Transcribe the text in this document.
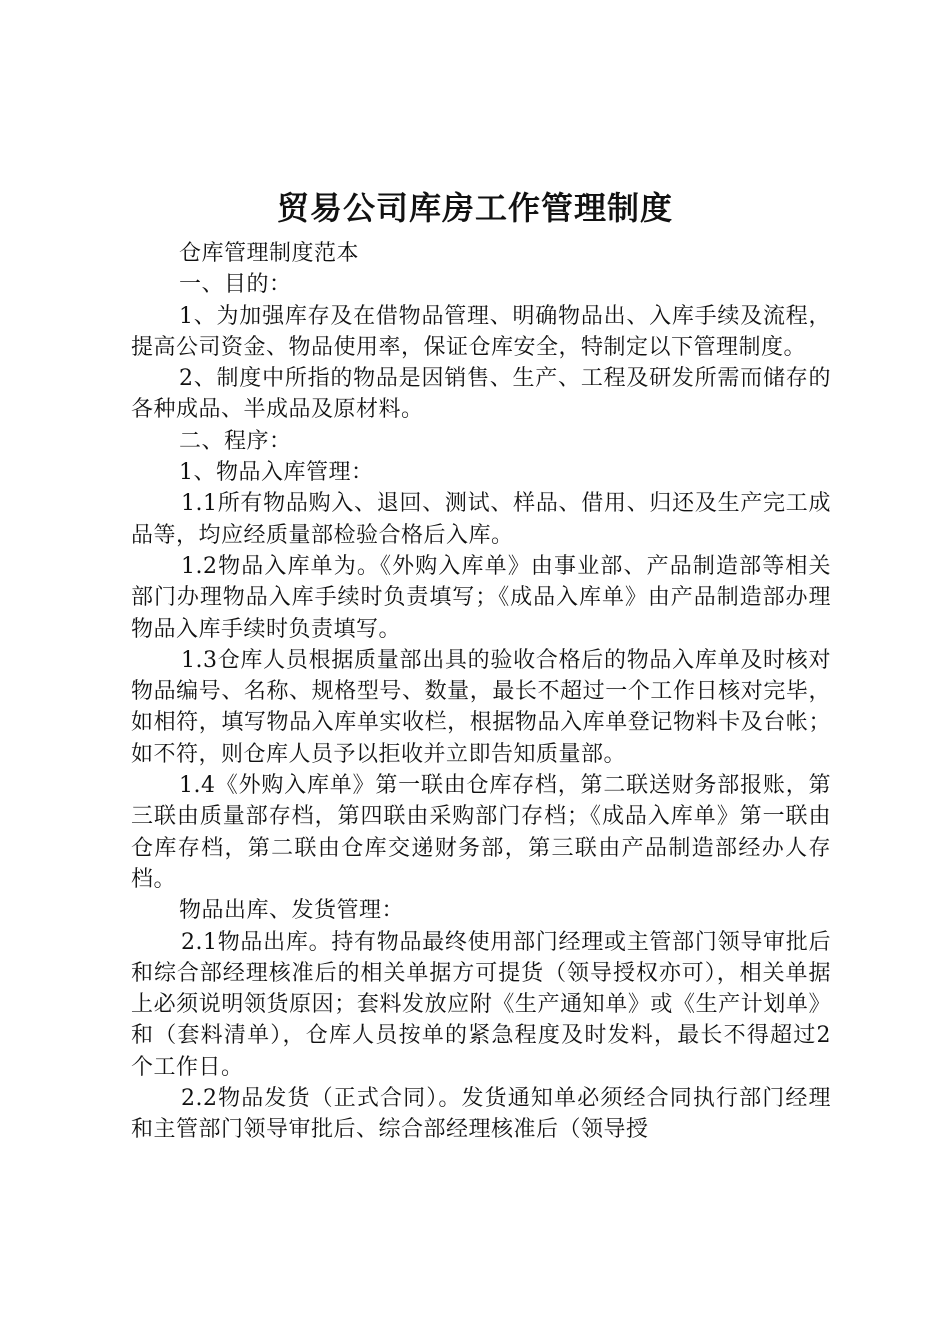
贸易公司库房工作管理制度

仓库管理制度范本

一、目的：

1、为加强库存及在借物品管理、明确物品出、入库手续及流程，提高公司资金、物品使用率，保证仓库安全，特制定以下管理制度。

2、制度中所指的物品是因销售、生产、工程及研发所需而储存的各种成品、半成品及原材料。

二、程序：

1、物品入库管理：

1.1所有物品购入、退回、测试、样品、借用、归还及生产完工成品等，均应经质量部检验合格后入库。

1.2物品入库单为。《外购入库单》由事业部、产品制造部等相关部门办理物品入库手续时负责填写；《成品入库单》由产品制造部办理物品入库手续时负责填写。

1.3仓库人员根据质量部出具的验收合格后的物品入库单及时核对物品编号、名称、规格型号、数量，最长不超过一个工作日核对完毕，如相符，填写物品入库单实收栏，根据物品入库单登记物料卡及台帐；如不符，则仓库人员予以拒收并立即告知质量部。

1.4《外购入库单》第一联由仓库存档，第二联送财务部报账，第三联由质量部存档，第四联由采购部门存档；《成品入库单》第一联由仓库存档，第二联由仓库交递财务部，第三联由产品制造部经办人存档。

物品出库、发货管理：

2.1物品出库。持有物品最终使用部门经理或主管部门领导审批后和综合部经理核准后的相关单据方可提货（领导授权亦可），相关单据上必须说明领货原因；套料发放应附《生产通知单》或《生产计划单》和（套料清单），仓库人员按单的紧急程度及时发料，最长不得超过2个工作日。

2.2物品发货（正式合同）。发货通知单必须经合同执行部门经理和主管部门领导审批后、综合部经理核准后（领导授
